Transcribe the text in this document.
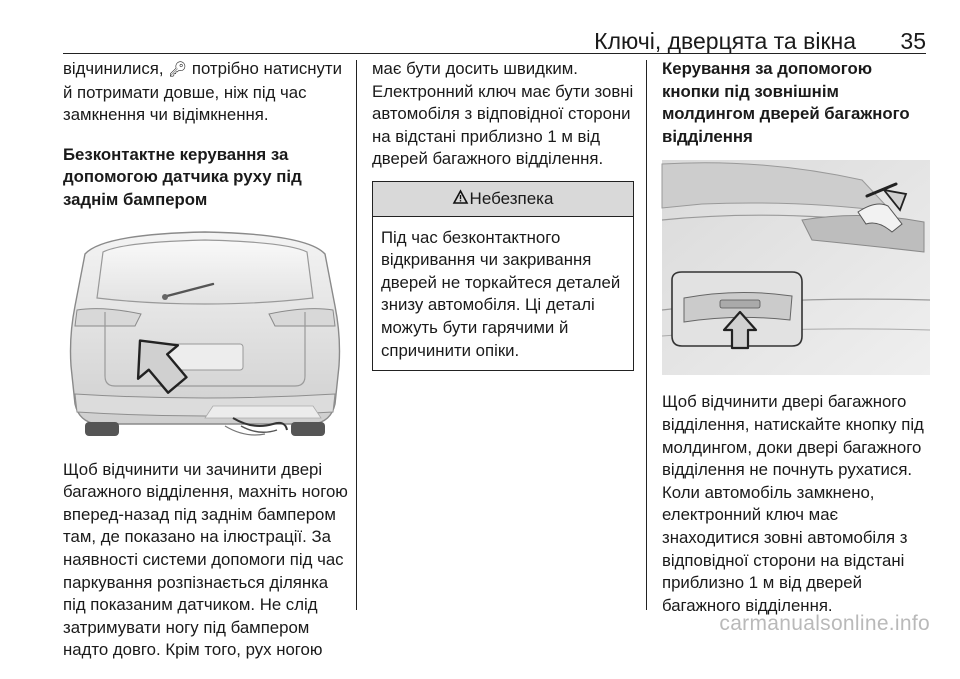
Ключі, дверцята та вікна 35

відчинилися, 🔑︎ потрібно натиснути й потримати довше, ніж під час замкнення чи відімкнення.

Безконтактне керування за допомогою датчика руху під заднім бампером

Щоб відчинити чи зачинити дверi багажного вiддiлення, махніть ногою вперед-назад під заднім бампером там, де показано на ілюстрації. За наявності системи допомоги під час паркування розпізнається ділянка під показаним датчиком. Не слід затримувати ногу під бампером надто довго. Крім того, рух ногою

має бути досить швидким. Електронний ключ має бути зовні автомобіля з відповідної сторони на відстані приблизно 1 м від дверей багажного відділення.

Небезпека

Під час безконтактного відкривання чи закривання дверей не торкайтеся деталей знизу автомобіля. Ці деталі можуть бути гарячими й спричинити опіки.

Керування за допомогою кнопки під зовнішнім молдингом дверей багажного відділення

Щоб відчинити дверi багажного вiддiлення, натискайте кнопку під молдингом, доки дверi багажного вiддiлення не почнуть рухатися. Коли автомобіль замкнено, електронний ключ має знаходитися зовні автомобіля з відповідної сторони на відстані приблизно 1 м від дверей багажного відділення.

carmanualsonline.info
